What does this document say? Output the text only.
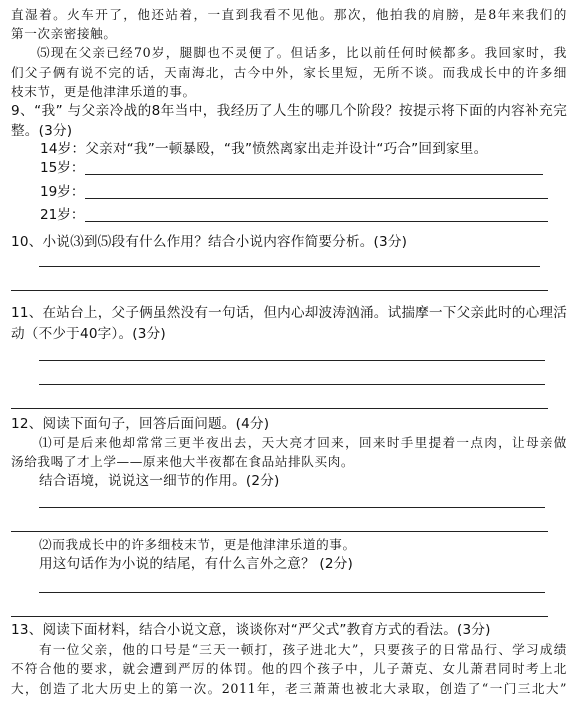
直湿着。火车开了，他还站着，一直到我看不见他。那次，他拍我的肩膀，是8年来我们的
第一次亲密接触。
⑸现在父亲已经70岁，腿脚也不灵便了。但话多，比以前任何时候都多。我回家时，我
们父子俩有说不完的话，天南海北，古今中外，家长里短，无所不谈。而我成长中的许多细
枝末节，更是他津津乐道的事。
9、“我” 与父亲冷战的8年当中，我经历了人生的哪几个阶段？按提示将下面的内容补充完
整。(3分)
14岁：父亲对“我”一顿暴殴，“我”愤然离家出走并设计“巧合”回到家里。
15岁：
19岁：
21岁：
10、小说⑶到⑸段有什么作用？结合小说内容作简要分析。(3分)
11、在站台上，父子俩虽然没有一句话，但内心却波涛汹涌。试揣摩一下父亲此时的心理活
动（不少于40字）。(3分)
12、阅读下面句子，回答后面问题。(4分)
⑴可是后来他却常常三更半夜出去，天大亮才回来，回来时手里提着一点肉，让母亲做
汤给我喝了才上学——原来他大半夜都在食品站排队买肉。
结合语境，说说这一细节的作用。(2分)
⑵而我成长中的许多细枝末节，更是他津津乐道的事。
用这句话作为小说的结尾，有什么言外之意？ (2分)
13、阅读下面材料，结合小说文意，谈谈你对“严父式”教育方式的看法。(3分)
有一位父亲，他的口号是“三天一顿打，孩子进北大”，只要孩子的日常品行、学习成绩
不符合他的要求，就会遭到严厉的体罚。他的四个孩子中，儿子萧克、女儿萧君同时考上北
大，创造了北大历史上的第一次。2011年，老三萧萧也被北大录取，创造了“一门三北大”
